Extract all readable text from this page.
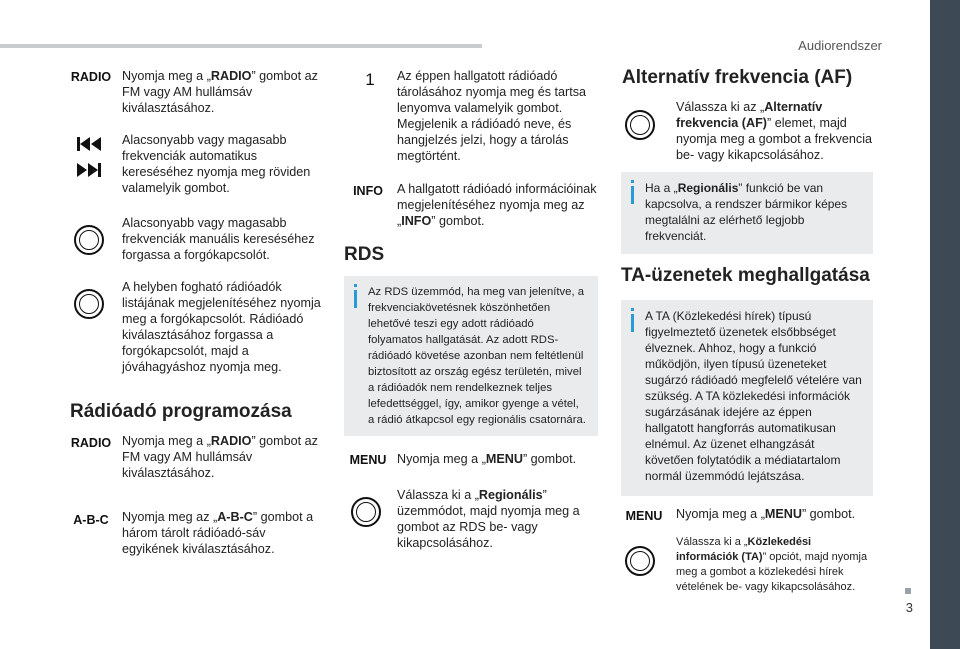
Audiorendszer
3
RADIO Nyomja meg a „RADIO” gombot az FM vagy AM hullámsáv kiválasztásához.
Alacsonyabb vagy magasabb frekvenciák automatikus kereséséhez nyomja meg röviden valamelyik gombot.
Alacsonyabb vagy magasabb frekvenciák manuális kereséséhez forgassa a forgókapcsolót.
A helyben fogható rádióadók listájának megjelenítéséhez nyomja meg a forgókapcsolót. Rádióadó kiválasztásához forgassa a forgókapcsolót, majd a jóváhagyáshoz nyomja meg.
Rádióadó programozása
RADIO Nyomja meg a „RADIO” gombot az FM vagy AM hullámsáv kiválasztásához.
A-B-C	Nyomja meg az „A-B-C” gombot a három tárolt rádióadó-sáv egyikének kiválasztásához.
1	Az éppen hallgatott rádióadó tárolásához nyomja meg és tartsa lenyomva valamelyik gombot. Megjelenik a rádióadó neve, és hangjelzés jelzi, hogy a tárolás megtörtént.
INFO	A hallgatott rádióadó információinak megjelenítéséhez nyomja meg az „INFO” gombot.
RDS

Az RDS üzemmód, ha meg van jelenítve, a frekvenciakövetésnek köszönhetően lehetővé teszi egy adott rádióadó folyamatos hallgatását. Az adott RDS-rádióadó követése azonban nem feltétlenül biztosított az ország egész területén, mivel a rádióadók nem rendelkeznek teljes lefedettséggel, így, amikor gyenge a vétel, a rádió átkapcsol egy regionális csatornára.

MENU Nyomja meg a „MENU” gombot.
Válassza ki a „Regionális” üzemmódot, majd nyomja meg a gombot az RDS be- vagy kikapcsolásához.
Alternatív frekvencia (AF)
Válassza ki az „Alternatív frekvencia (AF)” elemet, majd nyomja meg a gombot a frekvencia be- vagy kikapcsolásához.

Ha a „Regionális” funkció be van kapcsolva, a rendszer bármikor képes megtalálni az elérhető legjobb frekvenciát.

TA-üzenetek meghallgatása

A TA (Közlekedési hírek) típusú figyelmeztető üzenetek elsőbbséget élveznek. Ahhoz, hogy a funkció működjön, ilyen típusú üzeneteket sugárzó rádióadó megfelelő vételére van szükség. A TA közlekedési információk sugárzásának idejére az éppen hallgatott hangforrás automatikusan elnémul. Az üzenet elhangzását követően folytatódik a médiatartalom normál üzemmódú lejátszása.

MENU	Nyomja meg a „MENU” gombot.
Válassza ki a „Közlekedési információk (TA)” opciót, majd nyomja meg a gombot a közlekedési hírek vételének be- vagy kikapcsolásához.
